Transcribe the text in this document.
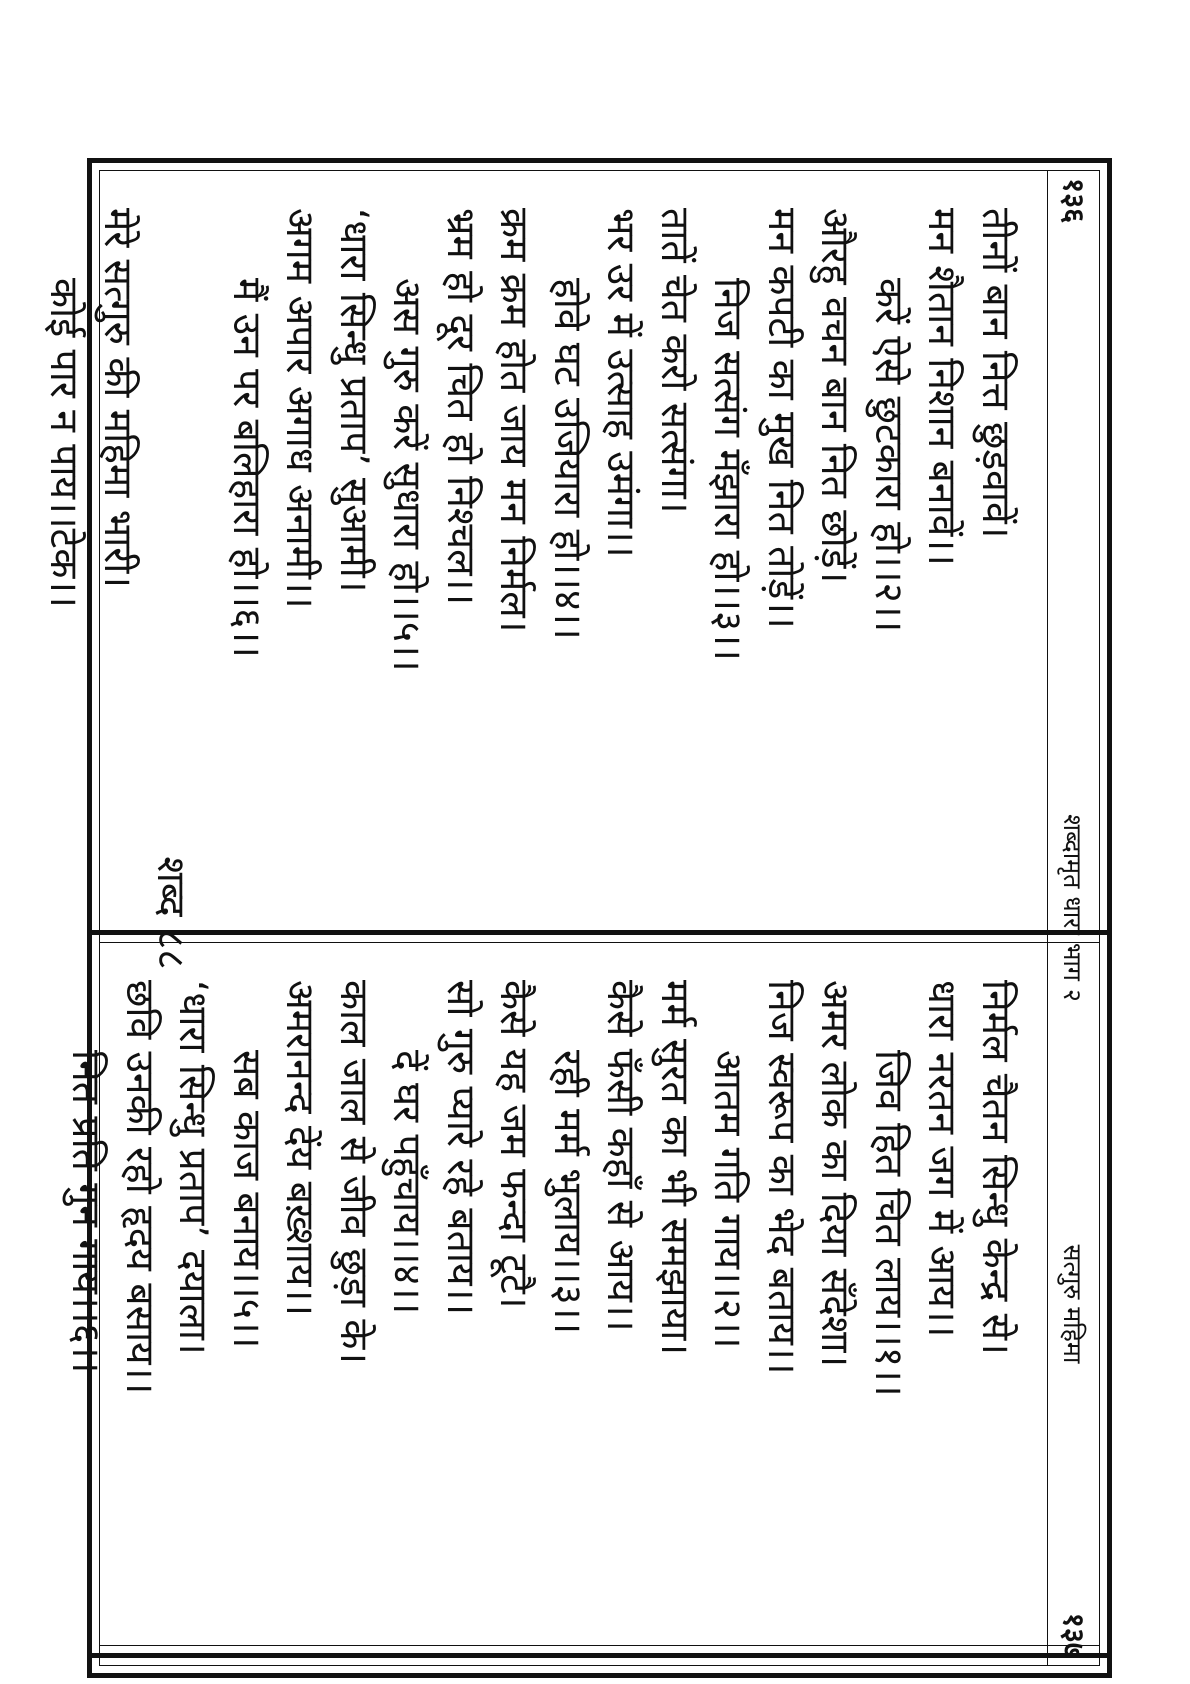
१३६
शब्दामृत धारा भाग २
तीनों बान नित्त छुड़वावें।
मन शैतान निशान बनावें।।
करें ऐसे छुटकारा हो।।२।।
औरहु वचन बान नित छोड़ें।
मन कपटी का मुख नित तोड़ें।।
निज सत्संग मँझारा हो।।३।।
तातें चेत करो सत्संगा।
भर उर में उत्साह उमंगा।।
होवे घट उजियारा हो।।४।।
क्रम क्रम होत जाय मन निर्मल।
भ्रम हो दूर चित हो निश्चल।।
अस गुरु करें सुधारा हो।।५।।
‘धारा सिन्धु प्रताप’ सुआमी।
अगम अपार अगाध अनामी।।
मैं उन पर बलिहारा हो।।६।।
शब्द ८८
मेरे सत्गुरु की महिमा भारी।
कोई पार न पाय।।टेक।।
सत्गुरु महिमा
१३७
निर्मल चैतन सिन्धु केन्द्र से।
धारा नरतन जग में आय।।
जिव हित चित लाय।।१।।
अमर लोक का दिया सँदेशा।
निज स्वरूप का भेद बताय।।
आतम गति गाय।।२।।
मर्म सुरत का भी समझाया।
कैसे फँसी कहाँ से आय।।
रही मर्म भुलाय।।३।।
कैसे यह जम फन्दा टूटै।
सो गुरु प्यारे रहे बताय।।
दें घर पहुँचाय।।४।।
काल जाल से जीव छुड़ा के।
अमरानन्द देंय बख़्शाय।।
सब काज बनाय।।५।।
‘धारा सिन्धु प्रताप’ दयाला।
छवि उनकी रहो हृदय बसाय।।
नित प्रति गुन गाय।।६।।
